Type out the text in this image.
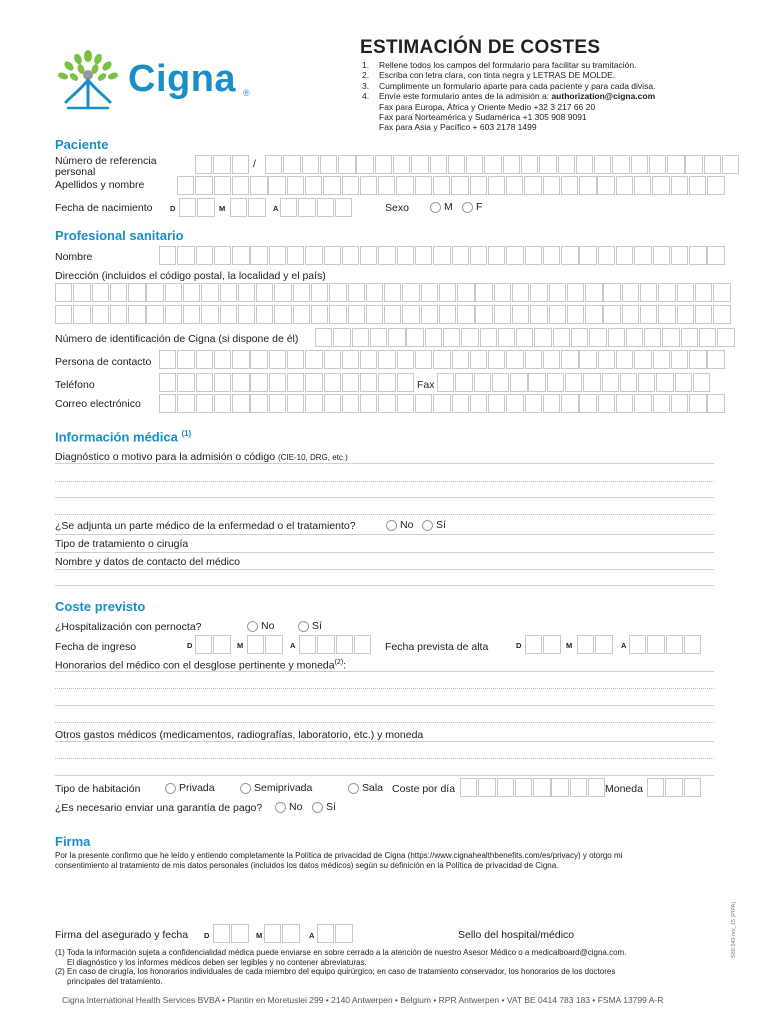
Cigna ®
ESTIMACIÓN DE COSTES
1. Rellene todos los campos del formulario para facilitar su tramitación.
2. Escriba con letra clara, con tinta negra y LETRAS DE MOLDE.
3. Cumplimente un formulario aparte para cada paciente y para cada divisa.
4. Envíe este formulario antes de la admisión a: authorization@cigna.com
Fax para Europa, África y Oriente Medio +32 3 217 66 20
Fax para Norteamérica y Sudamérica +1 305 908 9091
Fax para Asia y Pacífico + 603 2178 1499
Paciente
Número de referencia
personal
/
Apellidos y nombre
Fecha de nacimiento D	M	A	Sexo	M	F
Profesional sanitario
Nombre
Dirección (incluidos el código postal, la localidad y el país)
Número de identificación de Cigna (si dispone de él)
Persona de contacto
Teléfono	Fax
Correo electrónico
Información médica $^{(1)}$
Diagnóstico o motivo para la admisión o código (CIE-10, DRG, etc.)
¿Se adjunta un parte médico de la enfermedad o el tratamiento?	No	Sí
Tipo de tratamiento o cirugía
Nombre y datos de contacto del médico
Coste previsto
¿Hospitalización con pernocta?	No	Sí
Fecha de ingreso	D	M	A	Fecha prevista de alta	D	M	A
Honorarios del médico con el desglose pertinente y moneda$^{(2)}$:
Otros gastos médicos (medicamentos, radiografías, laboratorio, etc.) y moneda
Tipo de habitación	Privada	Semiprivada	Sala Coste por día	Moneda
¿Es necesario enviar una garantía de pago?	No	Sí
Firma
Por la presente confirmo que he leído y entiendo completamente la Política de privacidad de Cigna (https://www.cignahealthbenefits.com/es/privacy) y otorgo mi
consentimiento al tratamiento de mis datos personales (incluidos los datos médicos) según su definición en la Política de privacidad de Cigna.
Firma del asegurado y fecha D	M	A	Sello del hospital/médico
(1) Toda la información sujeta a confidencialidad médica puede enviarse en sobre cerrado a la atención de nuestro Asesor Médico o a medicalboard@cigna.com.
El diagnóstico y los informes médicos deben ser legibles y no contener abreviaturas.
(2) En caso de cirugía, los honorarios individuales de cada miembro del equipo quirúrgico; en caso de tratamiento conservador, los honorarios de los doctores
principales del tratamiento.
S80.543 rev_15 (PIPA)
Cigna International Health Services BVBA • Plantin en Moretuslei 299 • 2140 Antwerpen • Belgium • RPR Antwerpen • VAT BE 0414 783 183 • FSMA 13799 A-R
